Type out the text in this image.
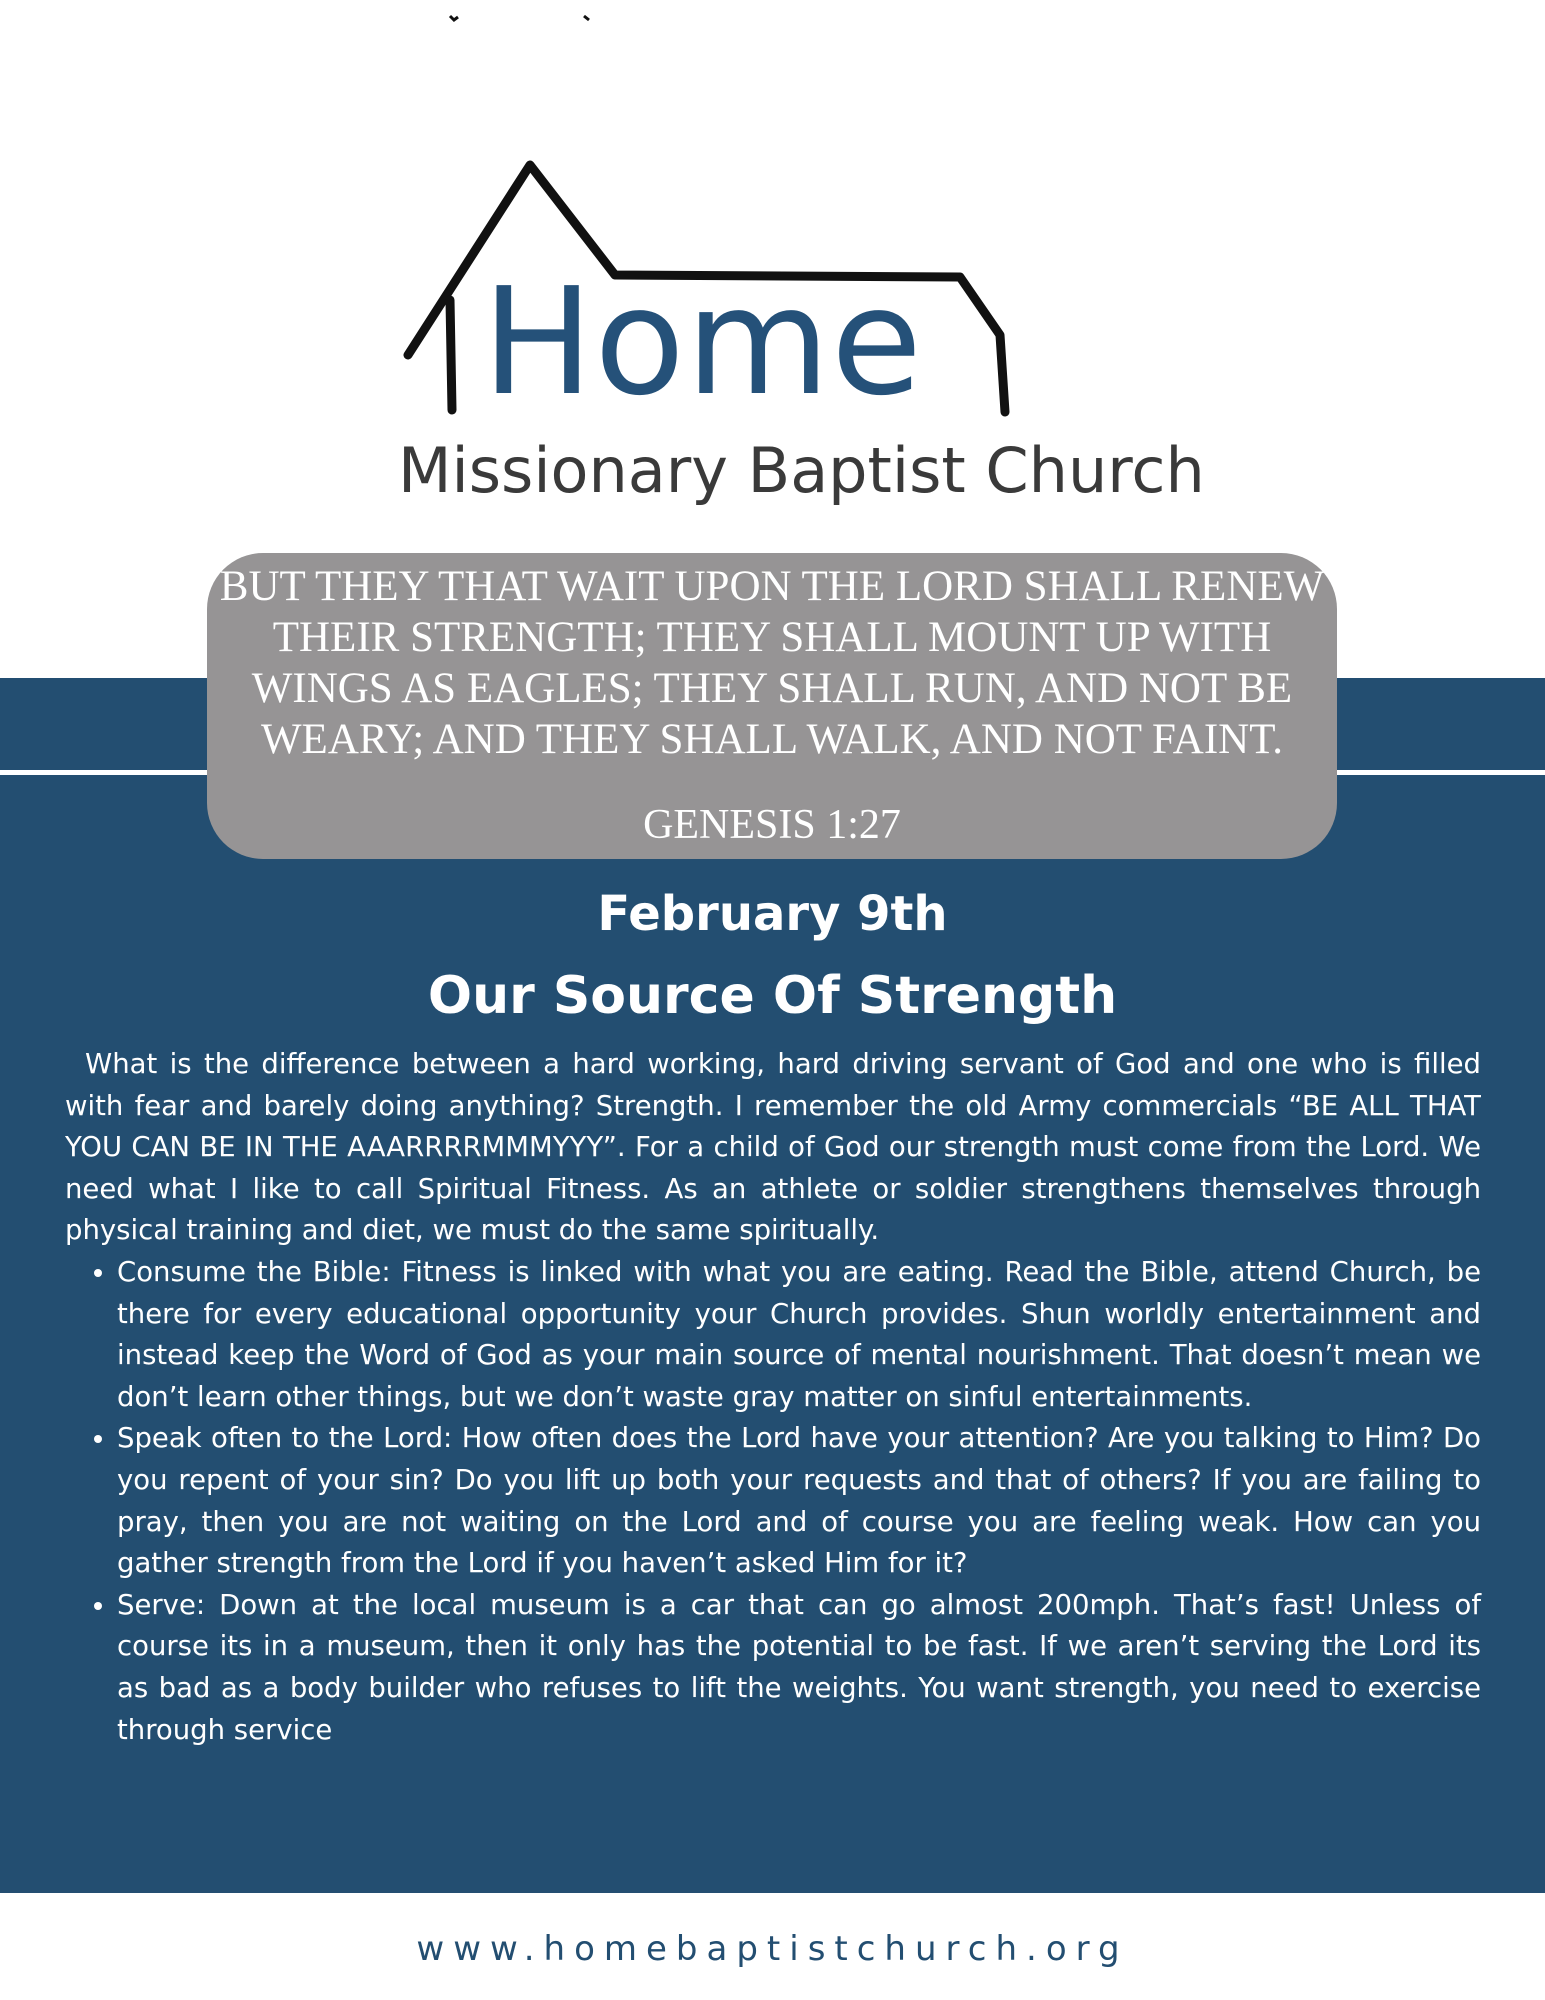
Home
Missionary Baptist Church
BUT THEY THAT WAIT UPON THE LORD SHALL RENEW
THEIR STRENGTH; THEY SHALL MOUNT UP WITH
WINGS AS EAGLES; THEY SHALL RUN, AND NOT BE
WEARY; AND THEY SHALL WALK, AND NOT FAINT.
GENESIS 1:27
February 9th
Our Source Of Strength

What is the difference between a hard working, hard driving servant of God and one who is filled with fear and barely doing anything? Strength. I remember the old Army commercials “BE ALL THAT YOU CAN BE IN THE AAARRRRMMMYYY”. For a child of God our strength must come from the Lord. We need what I like to call Spiritual Fitness. As an athlete or soldier strengthens themselves through physical training and diet, we must do the same spiritually.

• Consume the Bible: Fitness is linked with what you are eating. Read the Bible, attend Church, be there for every educational opportunity your Church provides. Shun worldly entertainment and instead keep the Word of God as your main source of mental nourishment. That doesn’t mean we don’t learn other things, but we don’t waste gray matter on sinful entertainments.
• Speak often to the Lord: How often does the Lord have your attention? Are you talking to Him? Do you repent of your sin? Do you lift up both your requests and that of others? If you are failing to pray, then you are not waiting on the Lord and of course you are feeling weak. How can you gather strength from the Lord if you haven’t asked Him for it?
• Serve: Down at the local museum is a car that can go almost 200mph. That’s fast! Unless of course its in a museum, then it only has the potential to be fast. If we aren’t serving the Lord its as bad as a body builder who refuses to lift the weights. You want strength, you need to exercise through service
www.homebaptistchurch.org
